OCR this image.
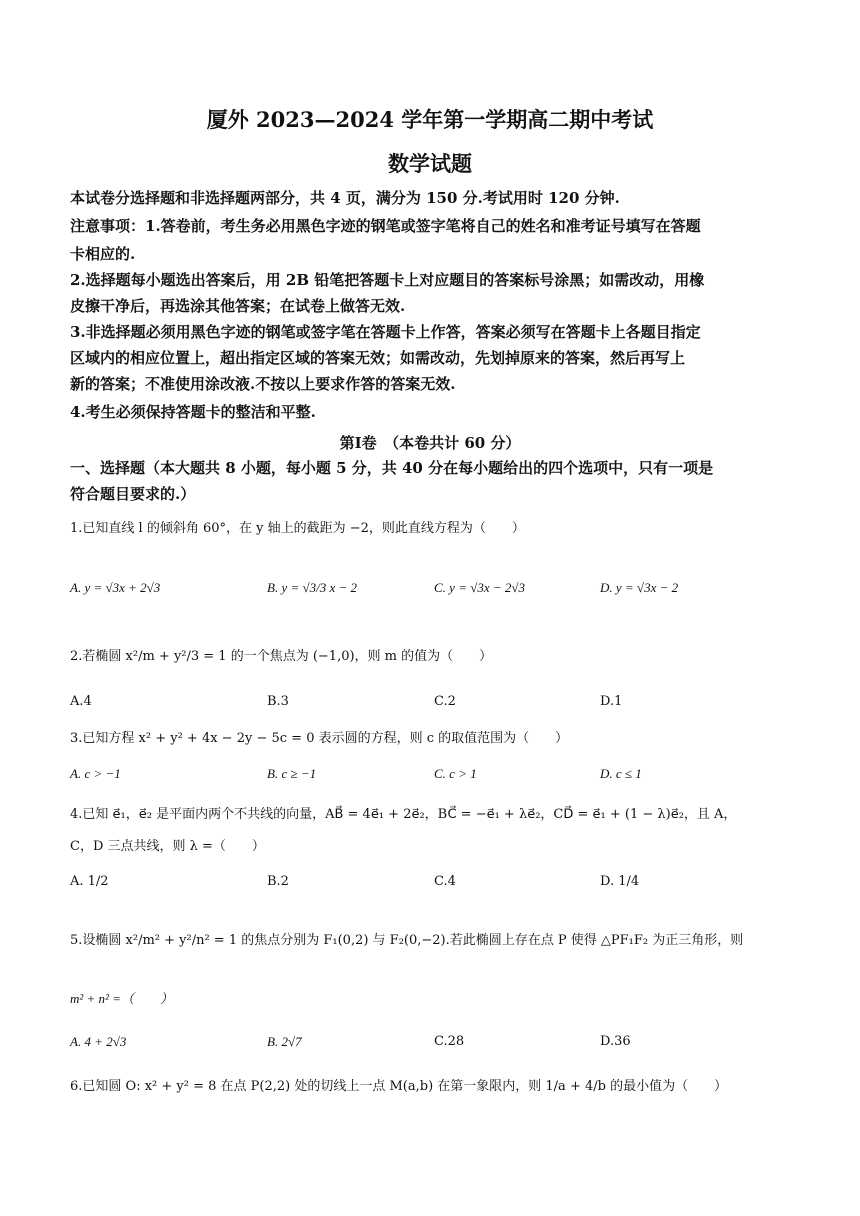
厦外 2023—2024 学年第一学期高二期中考试
数学试题
本试卷分选择题和非选择题两部分，共 4 页，满分为 150 分.考试用时 120 分钟.
注意事项：1.答卷前，考生务必用黑色字迹的钢笔或签字笔将自己的姓名和准考证号填写在答题
卡相应的.
2.选择题每小题选出答案后，用 2B 铅笔把答题卡上对应题目的答案标号涂黑；如需改动，用橡
皮擦干净后，再选涂其他答案；在试卷上做答无效.
3.非选择题必须用黑色字迹的钢笔或签字笔在答题卡上作答，答案必须写在答题卡上各题目指定
区域内的相应位置上，超出指定区域的答案无效；如需改动，先划掉原来的答案，然后再写上
新的答案；不准使用涂改液.不按以上要求作答的答案无效.
4.考生必须保持答题卡的整洁和平整.
第Ⅰ卷　（本卷共计 60 分）
一、选择题（本大题共 8 小题，每小题 5 分，共 40 分在每小题给出的四个选项中，只有一项是
符合题目要求的.）
1.已知直线 l 的倾斜角 60°，在 y 轴上的截距为 −2，则此直线方程为（　　）
A. y = √3x + 2√3	B. y = √3/3 x − 2	C. y = √3x − 2√3	D. y = √3x − 2
2.若椭圆 x²/m + y²/3 = 1 的一个焦点为 (−1,0)，则 m 的值为（　　）
A.4	B.3	C.2	D.1
3.已知方程 x² + y² + 4x − 2y − 5c = 0 表示圆的方程，则 c 的取值范围为（　　）
A. c > −1	B. c ≥ −1	C. c > 1	D. c ≤ 1
4.已知 e⃗₁，e⃗₂ 是平面内两个不共线的向量，AB⃗ = 4e⃗₁ + 2e⃗₂，BC⃗ = −e⃗₁ + λe⃗₂，CD⃗ = e⃗₁ + (1 − λ)e⃗₂，且 A，
C，D 三点共线，则 λ =（　　）
A. 1/2	B.2	C.4	D. 1/4
5.设椭圆 x²/m² + y²/n² = 1 的焦点分别为 F₁(0,2) 与 F₂(0,−2).若此椭圆上存在点 P 使得 △PF₁F₂ 为正三角形，则
m² + n² =（　　）
A. 4 + 2√3	B. 2√7	C.28	D.36
6.已知圆 O: x² + y² = 8 在点 P(2,2) 处的切线上一点 M(a,b) 在第一象限内，则 1/a + 4/b 的最小值为（　　）
